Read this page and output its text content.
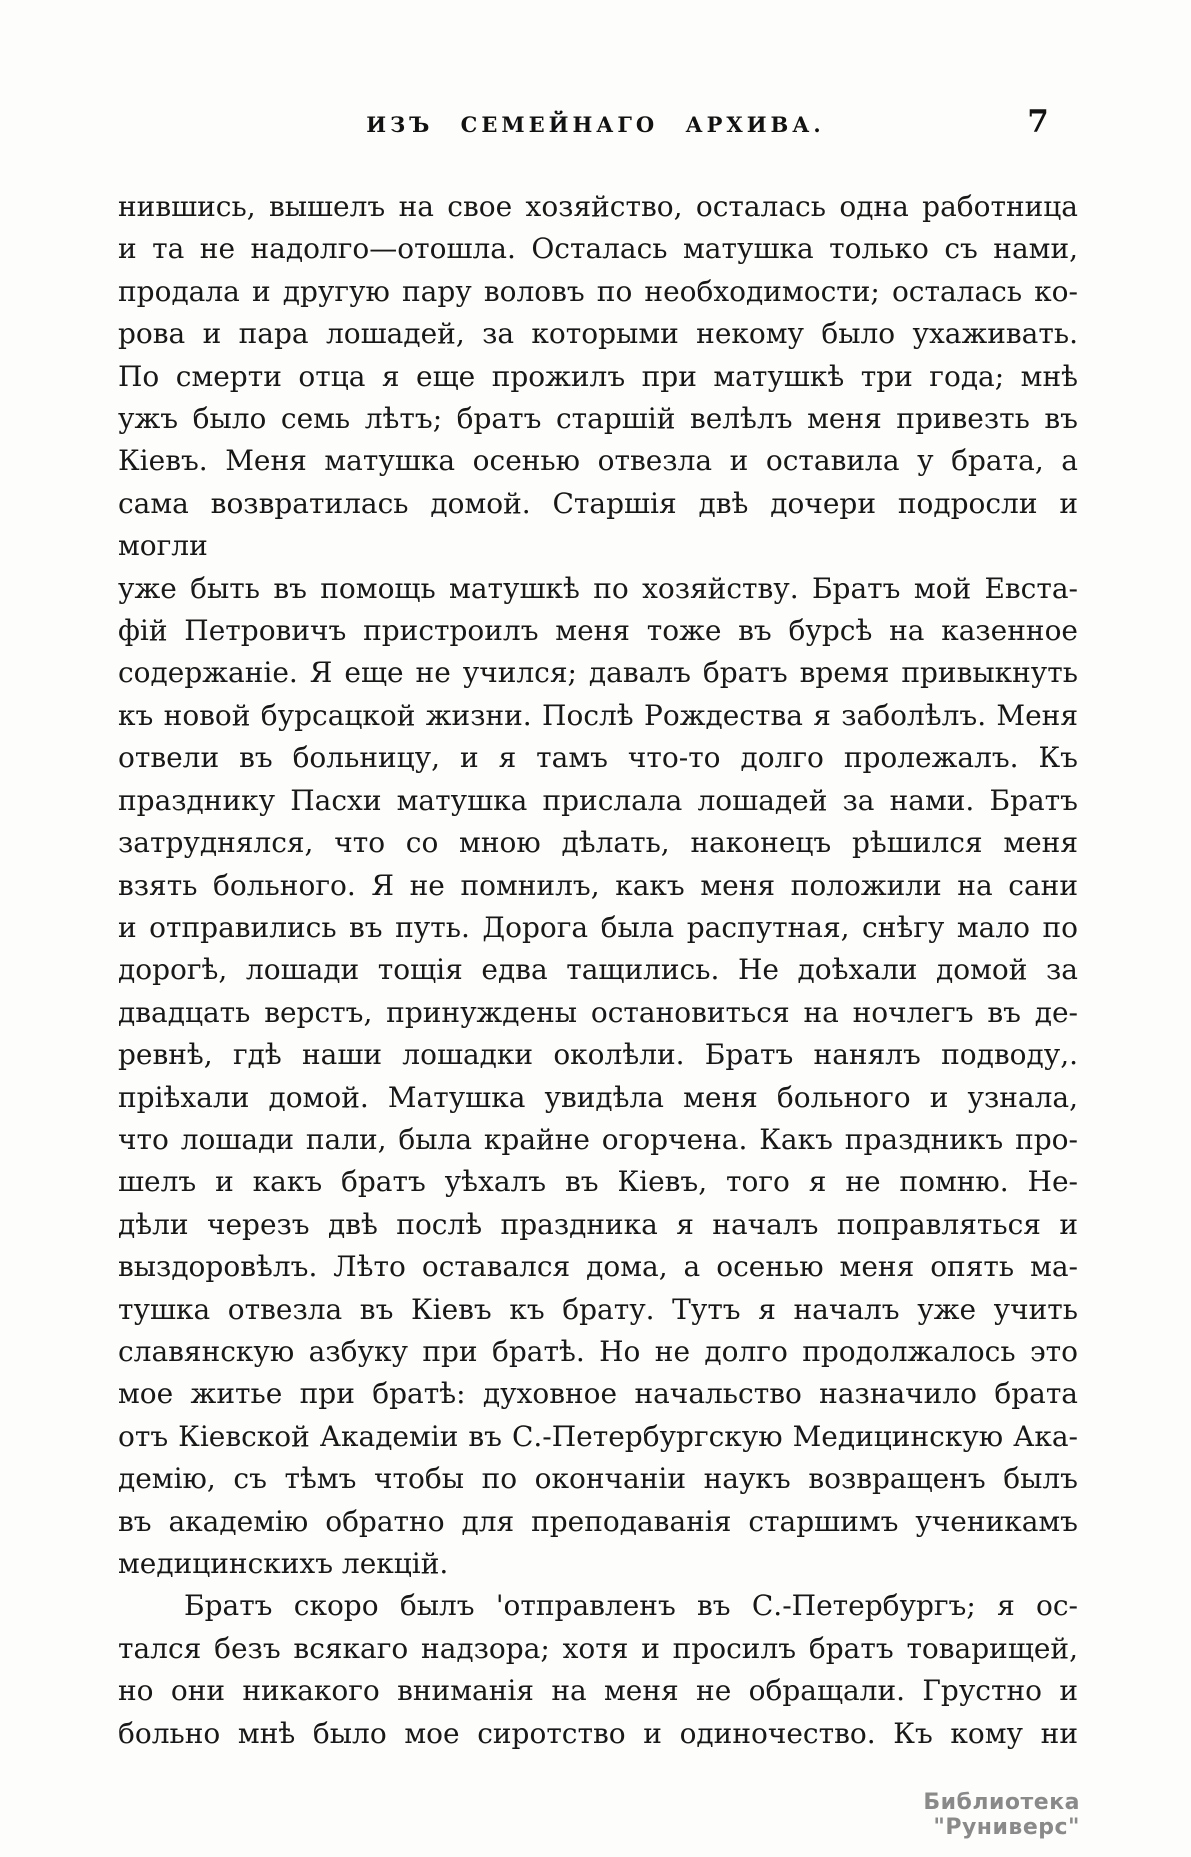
ИЗЪ СЕМЕЙНАГО АРХИВА.	7
нившись, вышелъ на свое хозяйство, осталась одна работница
и та не надолго—отошла. Осталась матушка только съ нами,
продала и другую пару воловъ по необходимости; осталась ко-
рова и пара лошадей, за которыми некому было ухаживать.
По смерти отца я еще прожилъ при матушкѣ три года; мнѣ
ужъ было семь лѣтъ; братъ старшій велѣлъ меня привезть въ
Кіевъ. Меня матушка осенью отвезла и оставила у брата, а
сама возвратилась домой. Старшія двѣ дочери подросли и могли
уже быть въ помощь матушкѣ по хозяйству. Братъ мой Евста-
фій Петровичъ пристроилъ меня тоже въ бурсѣ на казенное
содержаніе. Я еще не учился; давалъ братъ время привыкнуть
къ новой бурсацкой жизни. Послѣ Рождества я заболѣлъ. Меня
отвели въ больницу, и я тамъ что-то долго пролежалъ. Къ
празднику Пасхи матушка прислала лошадей за нами. Братъ
затруднялся, что со мною дѣлать, наконецъ рѣшился меня
взять больного. Я не помнилъ, какъ меня положили на сани
и отправились въ путь. Дорога была распутная, снѣгу мало по
дорогѣ, лошади тощія едва тащились. Не доѣхали домой за
двадцать верстъ, принуждены остановиться на ночлегъ въ де-
ревнѣ, гдѣ наши лошадки околѣли. Братъ нанялъ подводу,.
пріѣхали домой. Матушка увидѣла меня больного и узнала,
что лошади пали, была крайне огорчена. Какъ праздникъ про-
шелъ и какъ братъ уѣхалъ въ Кіевъ, того я не помню. Не-
дѣли черезъ двѣ послѣ праздника я началъ поправляться и
выздоровѣлъ. Лѣто оставался дома, а осенью меня опять ма-
тушка отвезла въ Кіевъ къ брату. Тутъ я началъ уже учить
славянскую азбуку при братѣ. Но не долго продолжалось это
мое житье при братѣ: духовное начальство назначило брата
отъ Кіевской Академіи въ С.-Петербургскую Медицинскую Ака-
демію, съ тѣмъ чтобы по окончаніи наукъ возвращенъ былъ
въ академію обратно для преподаванія старшимъ ученикамъ
медицинскихъ лекцій.
Братъ скоро былъ 'отправленъ въ С.-Петербургъ; я ос-
тался безъ всякаго надзора; хотя и просилъ братъ товарищей,
но они никакого вниманія на меня не обращали. Грустно и
больно мнѣ было мое сиротство и одиночество. Къ кому ни
Библиотека "Руниверс"
